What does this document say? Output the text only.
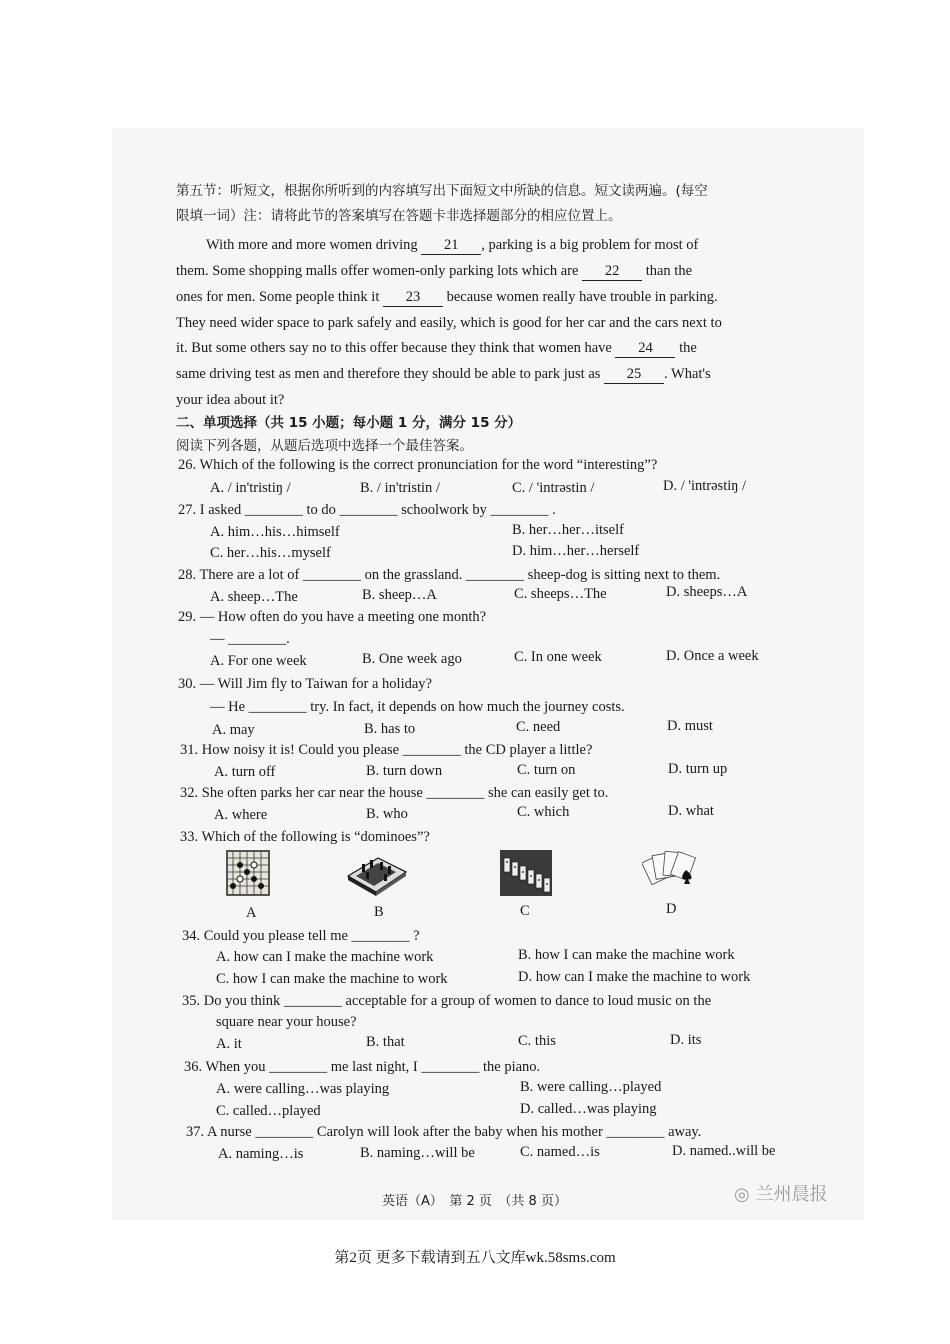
第五节：听短文，根据你所听到的内容填写出下面短文中所缺的信息。短文读两遍。(每空
限填一词）注：请将此节的答案填写在答题卡非选择题部分的相应位置上。
With more and more women driving 21 , parking is a big problem for most of
them. Some shopping malls offer women-only parking lots which are 22 than the
ones for men. Some people think it 23 because women really have trouble in parking.
They need wider space to park safely and easily, which is good for her car and the cars next to
it. But some others say no to this offer because they think that women have 24 the
same driving test as men and therefore they should be able to park just as 25 . What's
your idea about it?
二、单项选择（共 15 小题；每小题 1 分，满分 15 分）
阅读下列各题，从题后选项中选择一个最佳答案。
26. Which of the following is the correct pronunciation for the word “interesting”?
A. / in'tristiŋ /	B. / in'tristin /	C. / 'intrəstin /	D. / 'intrəstiŋ /
27. I asked ________ to do ________ schoolwork by ________ .
A. him…his…himself	B. her…her…itself
C. her…his…myself	D. him…her…herself
28. There are a lot of ________ on the grassland. ________ sheep-dog is sitting next to them.
A. sheep…The	B. sheep…A	C. sheeps…The	D. sheeps…A
29. — How often do you have a meeting one month?
— ________.
A. For one week	B. One week ago	C. In one week	D. Once a week
30. — Will Jim fly to Taiwan for a holiday?
— He ________ try. In fact, it depends on how much the journey costs.
A. may	B. has to	C. need	D. must
31. How noisy it is! Could you please ________ the CD player a little?
A. turn off	B. turn down	C. turn on	D. turn up
32. She often parks her car near the house ________ she can easily get to.
A. where	B. who	C. which	D. what
33. Which of the following is “dominoes”?
A	B	C	D
34. Could you please tell me ________ ?
A. how can I make the machine work	B. how I can make the machine work
C. how I can make the machine to work	D. how can I make the machine to work
35. Do you think ________ acceptable for a group of women to dance to loud music on the
square near your house?
A. it	B. that	C. this	D. its
36. When you ________ me last night, I ________ the piano.
A. were calling…was playing	B. were calling…played
C. called…played	D. called…was playing
37. A nurse ________ Carolyn will look after the baby when his mother ________ away.
A. naming…is	B. naming…will be	C. named…is	D. named..will be
◎ 兰州晨报
英语（A）　第 2 页　（共 8 页）
第2页 更多下载请到五八文库wk.58sms.com
